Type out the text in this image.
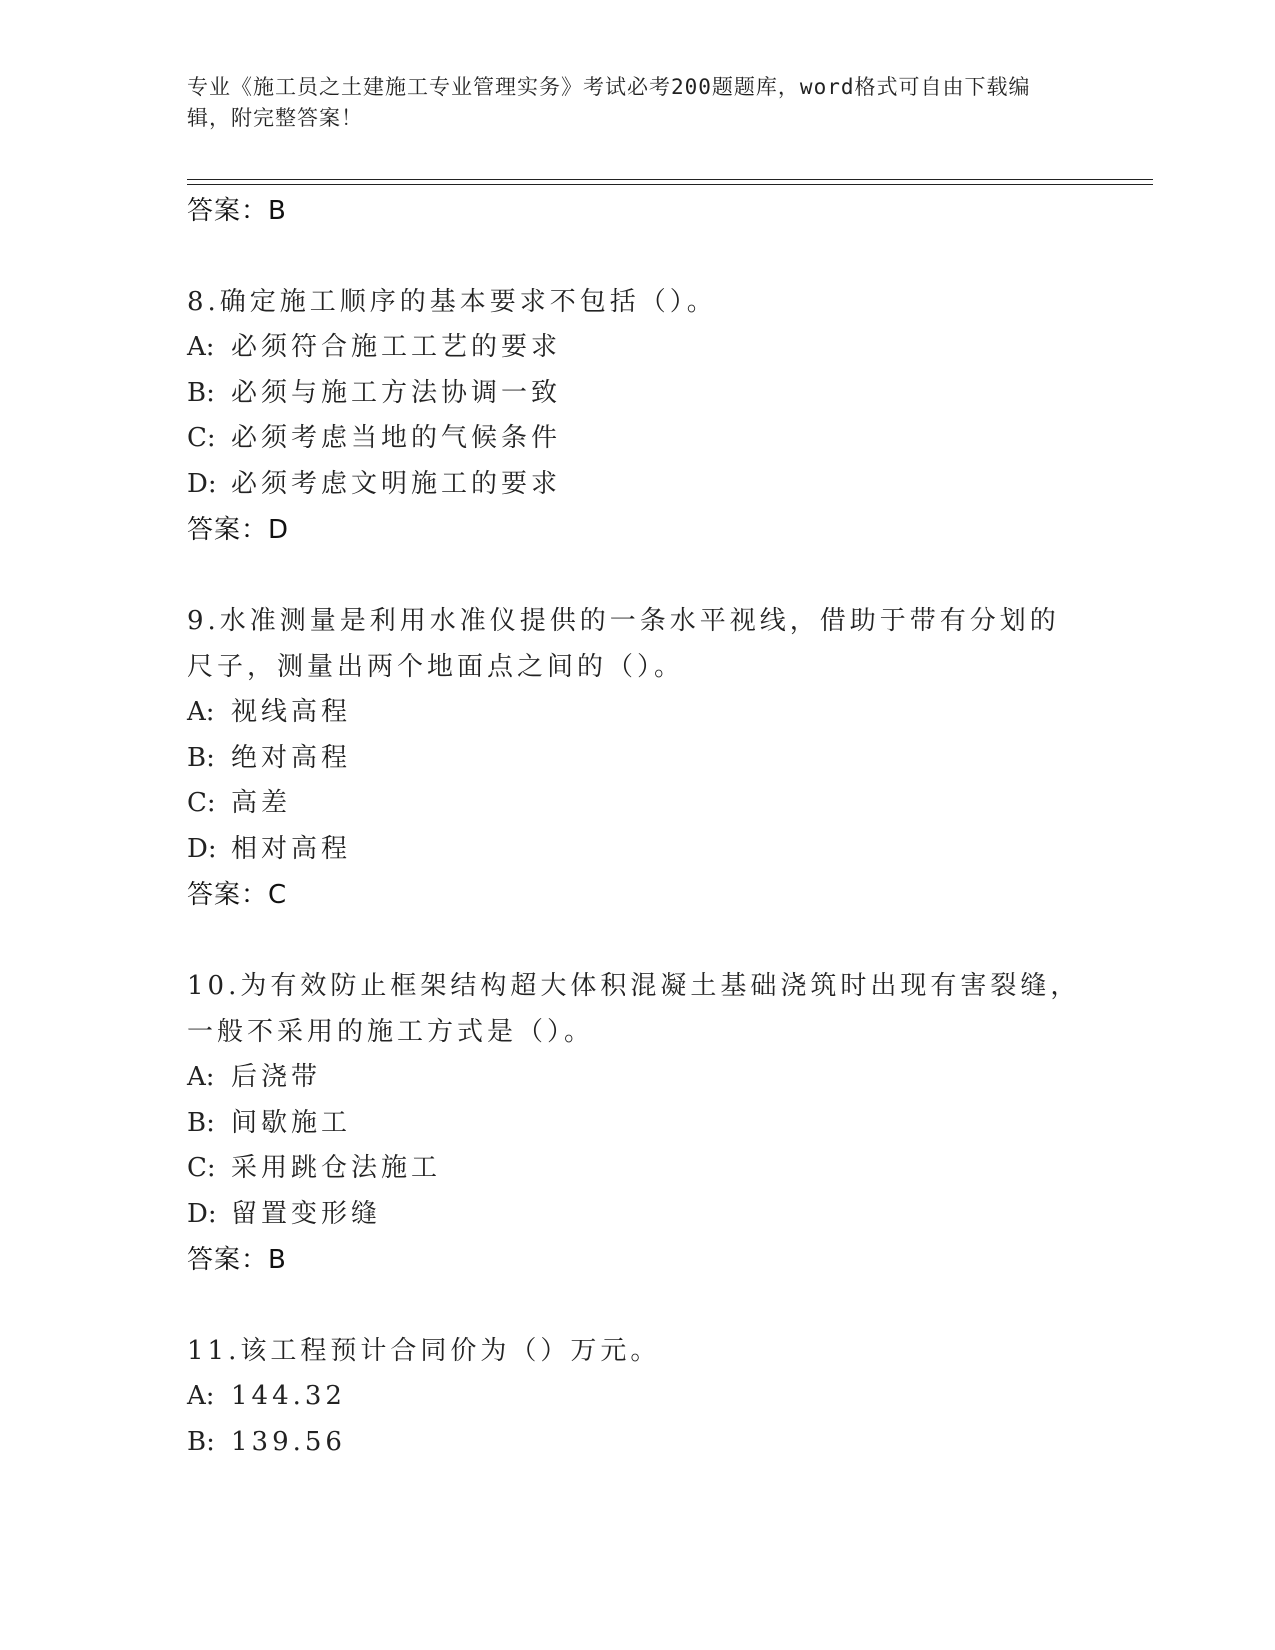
专业《施工员之土建施工专业管理实务》考试必考200题题库，word格式可自由下载编辑，附完整答案！
答案：B
8.确定施工顺序的基本要求不包括（）。
A: 必须符合施工工艺的要求
B: 必须与施工方法协调一致
C: 必须考虑当地的气候条件
D: 必须考虑文明施工的要求
答案：D
9.水准测量是利用水准仪提供的一条水平视线，借助于带有分划的尺子，测量出两个地面点之间的（）。
A: 视线高程
B: 绝对高程
C: 高差
D: 相对高程
答案：C
10.为有效防止框架结构超大体积混凝土基础浇筑时出现有害裂缝，一般不采用的施工方式是（）。
A: 后浇带
B: 间歇施工
C: 采用跳仓法施工
D: 留置变形缝
答案：B
11.该工程预计合同价为（）万元。
A: 144.32
B: 139.56
